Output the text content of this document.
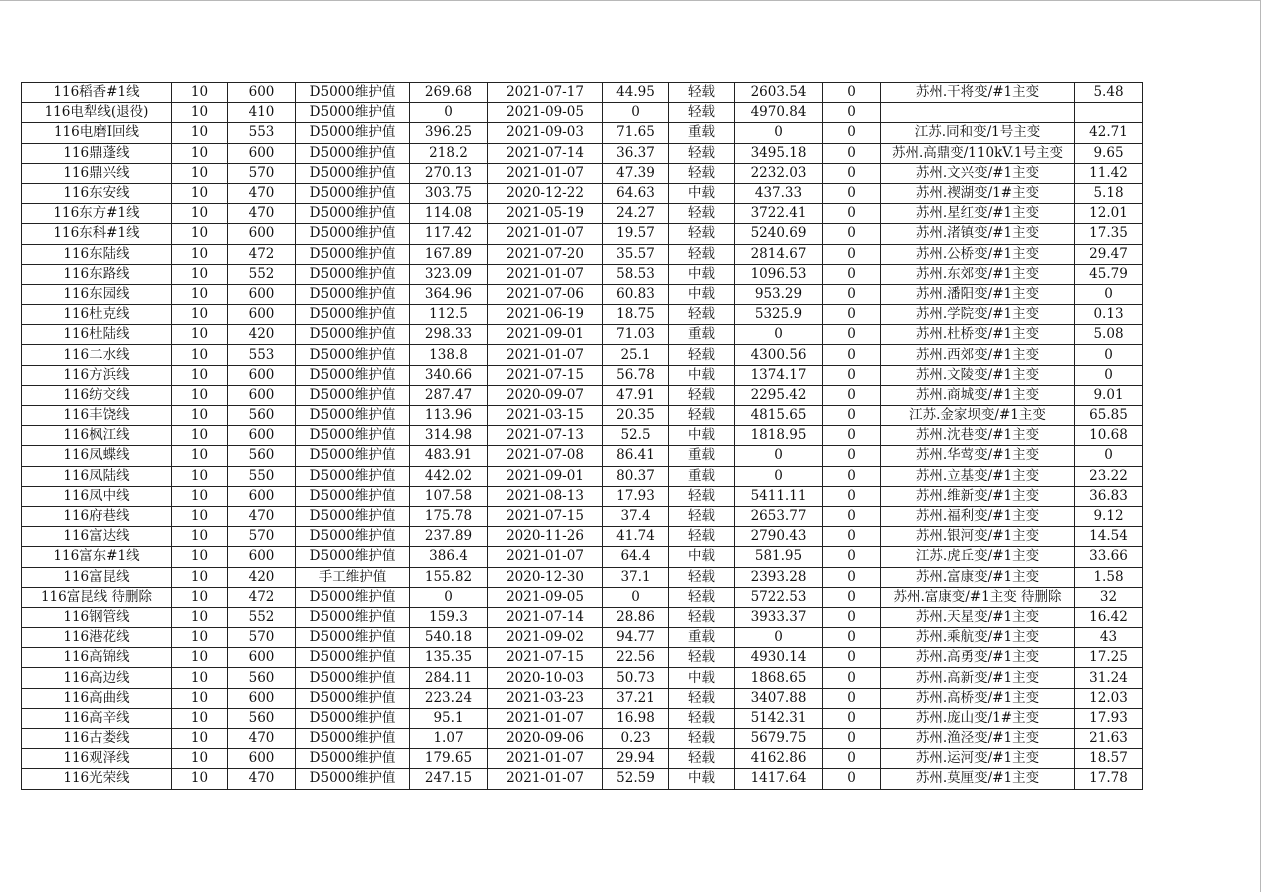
116稻香#1线	10	600	D5000维护值	269.68	2021-07-17	44.95	轻载	2603.54	0	苏州.干将变/#1主变	5.48
116电犁线(退役)	10	410	D5000维护值	0	2021-09-05	0	轻载	4970.84	0		
116电磨Ⅰ回线	10	553	D5000维护值	396.25	2021-09-03	71.65	重载	0	0	江苏.同和变/1号主变	42.71
116鼎蓬线	10	600	D5000维护值	218.2	2021-07-14	36.37	轻载	3495.18	0	苏州.高鼎变/110kV.1号主变	9.65
116鼎兴线	10	570	D5000维护值	270.13	2021-01-07	47.39	轻载	2232.03	0	苏州.文兴变/#1主变	11.42
116东安线	10	470	D5000维护值	303.75	2020-12-22	64.63	中载	437.33	0	苏州.禊湖变/1#主变	5.18
116东方#1线	10	470	D5000维护值	114.08	2021-05-19	24.27	轻载	3722.41	0	苏州.星红变/#1主变	12.01
116东科#1线	10	600	D5000维护值	117.42	2021-01-07	19.57	轻载	5240.69	0	苏州.渚镇变/#1主变	17.35
116东陆线	10	472	D5000维护值	167.89	2021-07-20	35.57	轻载	2814.67	0	苏州.公桥变/#1主变	29.47
116东路线	10	552	D5000维护值	323.09	2021-01-07	58.53	中载	1096.53	0	苏州.东郊变/#1主变	45.79
116东园线	10	600	D5000维护值	364.96	2021-07-06	60.83	中载	953.29	0	苏州.潘阳变/#1主变	0
116杜克线	10	600	D5000维护值	112.5	2021-06-19	18.75	轻载	5325.9	0	苏州.学院变/#1主变	0.13
116杜陆线	10	420	D5000维护值	298.33	2021-09-01	71.03	重载	0	0	苏州.杜桥变/#1主变	5.08
116二水线	10	553	D5000维护值	138.8	2021-01-07	25.1	轻载	4300.56	0	苏州.西郊变/#1主变	0
116方浜线	10	600	D5000维护值	340.66	2021-07-15	56.78	中载	1374.17	0	苏州.文陵变/#1主变	0
116纺交线	10	600	D5000维护值	287.47	2020-09-07	47.91	轻载	2295.42	0	苏州.商城变/#1主变	9.01
116丰饶线	10	560	D5000维护值	113.96	2021-03-15	20.35	轻载	4815.65	0	江苏.金家坝变/#1主变	65.85
116枫江线	10	600	D5000维护值	314.98	2021-07-13	52.5	中载	1818.95	0	苏州.沈巷变/#1主变	10.68
116凤蝶线	10	560	D5000维护值	483.91	2021-07-08	86.41	重载	0	0	苏州.华莺变/#1主变	0
116凤陆线	10	550	D5000维护值	442.02	2021-09-01	80.37	重载	0	0	苏州.立基变/#1主变	23.22
116凤中线	10	600	D5000维护值	107.58	2021-08-13	17.93	轻载	5411.11	0	苏州.维新变/#1主变	36.83
116府巷线	10	470	D5000维护值	175.78	2021-07-15	37.4	轻载	2653.77	0	苏州.福利变/#1主变	9.12
116富达线	10	570	D5000维护值	237.89	2020-11-26	41.74	轻载	2790.43	0	苏州.银河变/#1主变	14.54
116富东#1线	10	600	D5000维护值	386.4	2021-01-07	64.4	中载	581.95	0	江苏.虎丘变/#1主变	33.66
116富昆线	10	420	手工维护值	155.82	2020-12-30	37.1	轻载	2393.28	0	苏州.富康变/#1主变	1.58
116富昆线 待删除	10	472	D5000维护值	0	2021-09-05	0	轻载	5722.53	0	苏州.富康变/#1主变 待删除	32
116钢管线	10	552	D5000维护值	159.3	2021-07-14	28.86	轻载	3933.37	0	苏州.天星变/#1主变	16.42
116港花线	10	570	D5000维护值	540.18	2021-09-02	94.77	重载	0	0	苏州.乘航变/#1主变	43
116高锦线	10	600	D5000维护值	135.35	2021-07-15	22.56	轻载	4930.14	0	苏州.高勇变/#1主变	17.25
116高边线	10	560	D5000维护值	284.11	2020-10-03	50.73	中载	1868.65	0	苏州.高新变/#1主变	31.24
116高曲线	10	600	D5000维护值	223.24	2021-03-23	37.21	轻载	3407.88	0	苏州.高桥变/#1主变	12.03
116高辛线	10	560	D5000维护值	95.1	2021-01-07	16.98	轻载	5142.31	0	苏州.庞山变/1#主变	17.93
116古娄线	10	470	D5000维护值	1.07	2020-09-06	0.23	轻载	5679.75	0	苏州.渔泾变/#1主变	21.63
116观泽线	10	600	D5000维护值	179.65	2021-01-07	29.94	轻载	4162.86	0	苏州.运河变/#1主变	18.57
116光荣线	10	470	D5000维护值	247.15	2021-01-07	52.59	中载	1417.64	0	苏州.莫厘变/#1主变	17.78
